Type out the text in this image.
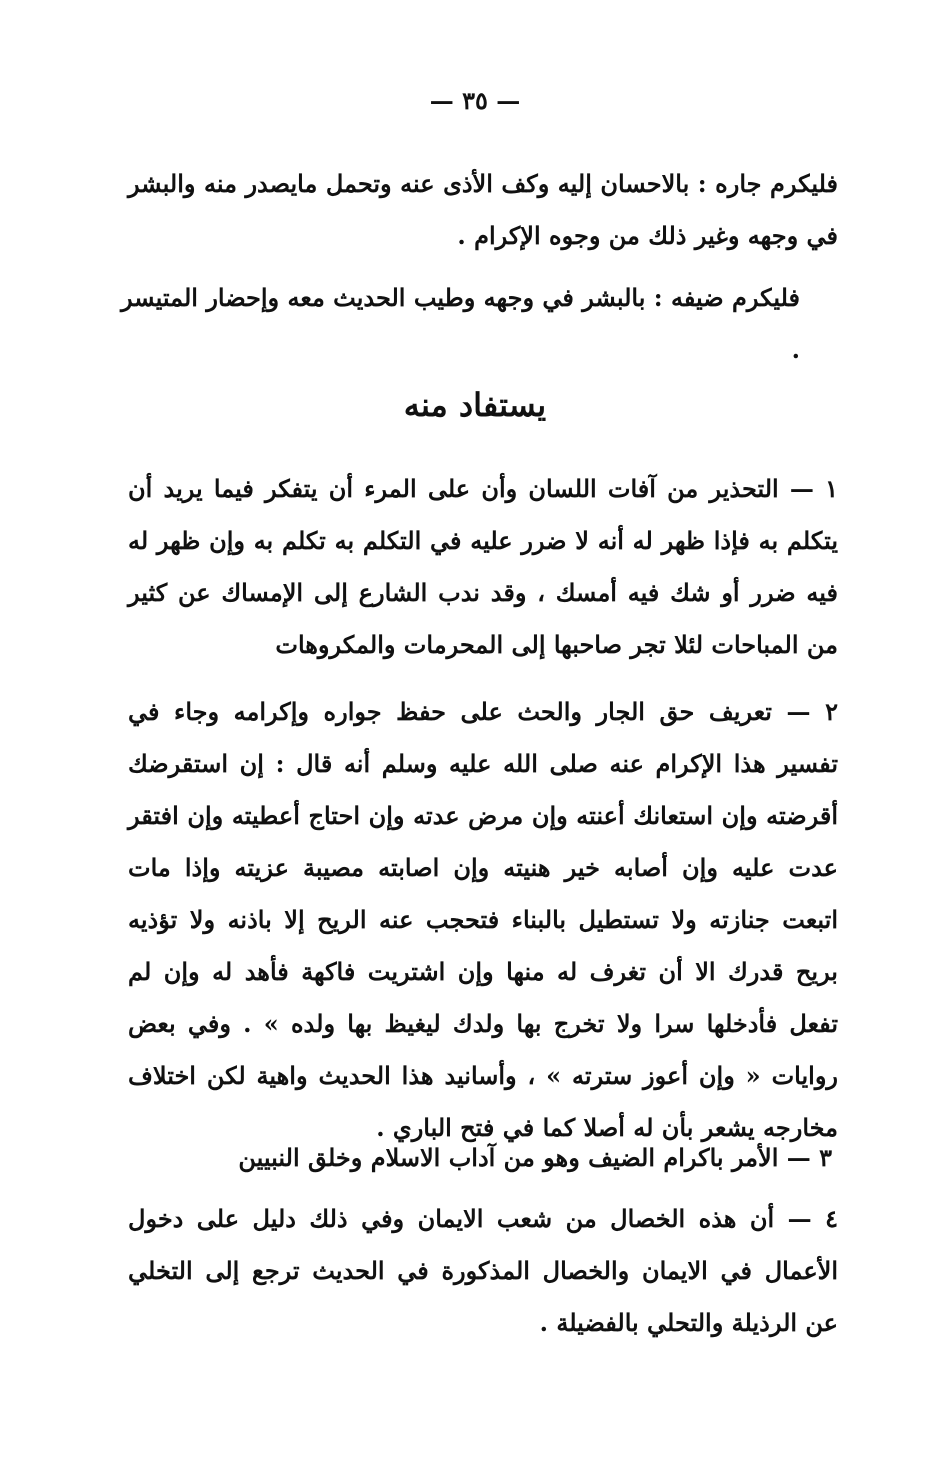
— ٣٥ —

فليكرم جاره : بالاحسان إليه وكف الأذى عنه وتحمل مايصدر منه والبشر في وجهه وغير ذلك من وجوه الإكرام .

فليكرم ضيفه : بالبشر في وجهه وطيب الحديث معه وإحضار المتيسر .

يستفاد منه

١ — التحذير من آفات اللسان وأن على المرء أن يتفكر فيما يريد أن يتكلم به فإذا ظهر له أنه لا ضرر عليه في التكلم به تكلم به وإن ظهر له فيه ضرر أو شك فيه أمسك ، وقد ندب الشارع إلى الإمساك عن كثير من المباحات لئلا تجر صاحبها إلى المحرمات والمكروهات

٢ — تعريف حق الجار والحث على حفظ جواره وإكرامه وجاء في تفسير هذا الإكرام عنه صلى الله عليه وسلم أنه قال : إن استقرضك أقرضته وإن استعانك أعنته وإن مرض عدته وإن احتاج أعطيته وإن افتقر عدت عليه وإن أصابه خير هنيته وإن اصابته مصيبة عزيته وإذا مات اتبعت جنازته ولا تستطيل بالبناء فتحجب عنه الريح إلا باذنه ولا تؤذيه بريح قدرك الا أن تغرف له منها وإن اشتريت فاكهة فأهد له وإن لم تفعل فأدخلها سرا ولا تخرج بها ولدك ليغيظ بها ولده » . وفي بعض روايات « وإن أعوز سترته » ، وأسانيد هذا الحديث واهية لكن اختلاف مخارجه يشعر بأن له أصلا كما في فتح الباري .

٣ — الأمر باكرام الضيف وهو من آداب الاسلام وخلق النبيين

٤ — أن هذه الخصال من شعب الايمان وفي ذلك دليل على دخول الأعمال في الايمان والخصال المذكورة في الحديث ترجع إلى التخلي عن الرذيلة والتحلي بالفضيلة .
